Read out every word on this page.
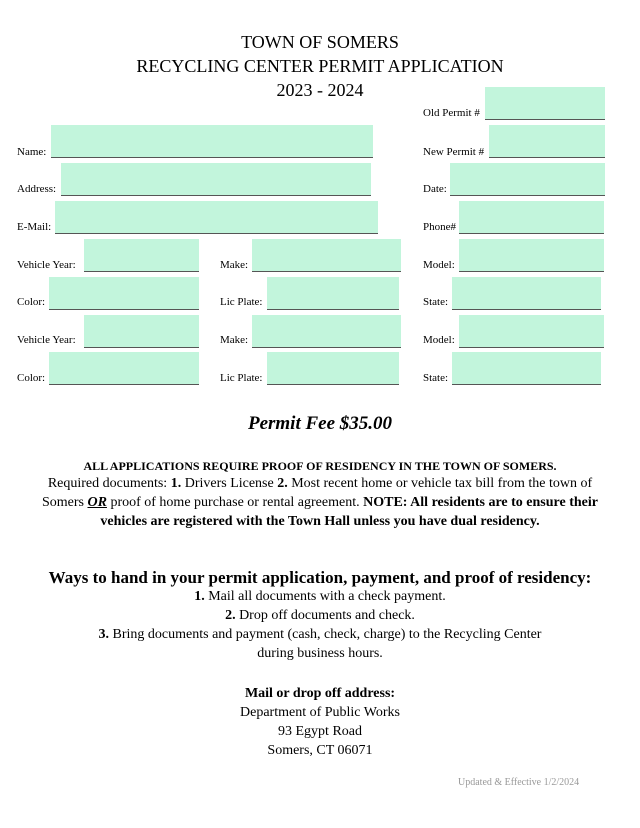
TOWN OF SOMERS
RECYCLING CENTER PERMIT APPLICATION
2023 - 2024
Old Permit #
Name:	New Permit #
Address:	Date:
E-Mail:	Phone#
Vehicle Year:	Make:	Model:
Color:	Lic Plate:	State:
Vehicle Year:	Make:	Model:
Color:	Lic Plate:	State:
Permit Fee $35.00
ALL APPLICATIONS REQUIRE PROOF OF RESIDENCY IN THE TOWN OF SOMERS.
Required documents: 1. Drivers License 2. Most recent home or vehicle tax bill from the town of
Somers OR proof of home purchase or rental agreement. NOTE: All residents are to ensure their
vehicles are registered with the Town Hall unless you have dual residency.
Ways to hand in your permit application, payment, and proof of residency:
1. Mail all documents with a check payment.
2. Drop off documents and check.
3. Bring documents and payment (cash, check, charge) to the Recycling Center
during business hours.
Mail or drop off address:
Department of Public Works
93 Egypt Road
Somers, CT 06071
Updated & Effective 1/2/2024
